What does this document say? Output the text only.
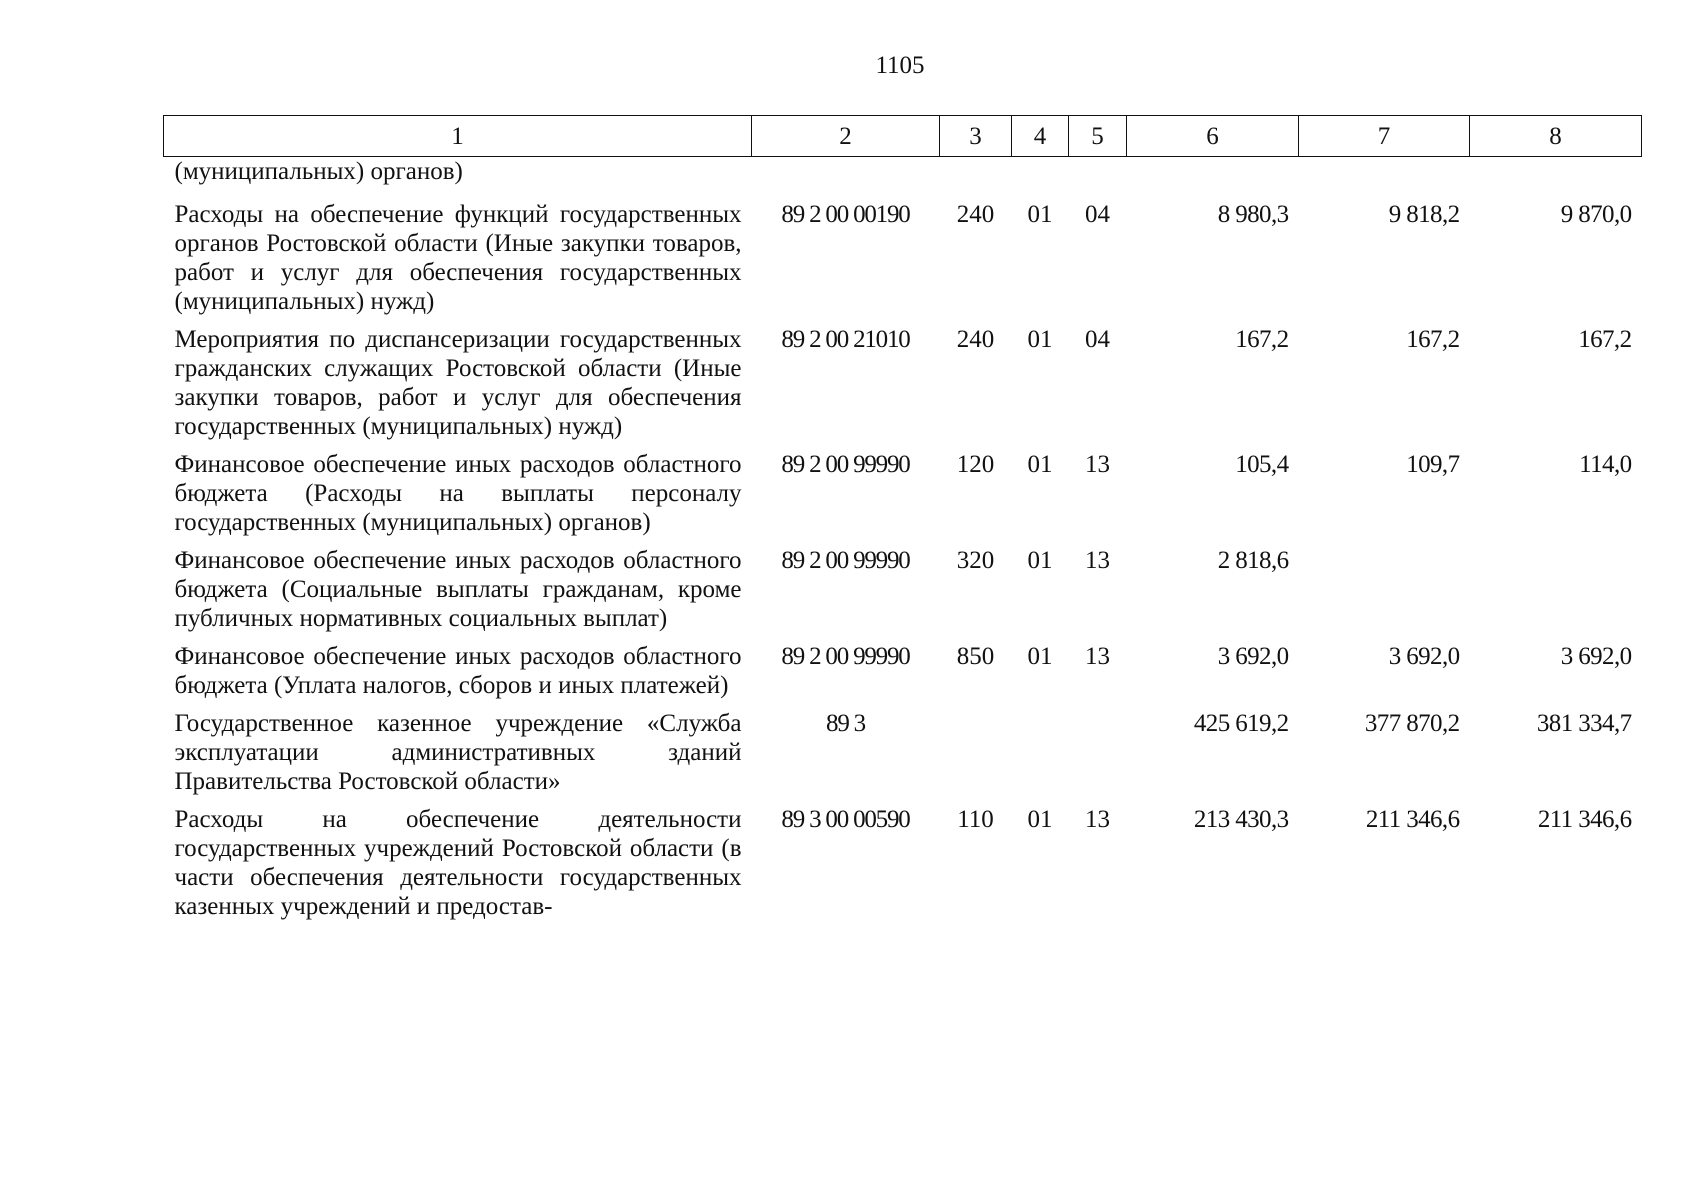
1105
1	2	3	4	5	6	7	8
(муниципальных) органов)							
Расходы на обеспечение функций государственных органов Ростовской области (Иные закупки товаров, работ и услуг для обеспечения государственных (муниципальных) нужд)	89 2 00 00190	240	01	04	8 980,3	9 818,2	9 870,0
Мероприятия по диспансеризации государственных гражданских служащих Ростовской области (Иные закупки товаров, работ и услуг для обеспечения государственных (муниципальных) нужд)	89 2 00 21010	240	01	04	167,2	167,2	167,2
Финансовое обеспечение иных расходов областного бюджета (Расходы на выплаты персоналу государственных (муниципальных) органов)	89 2 00 99990	120	01	13	105,4	109,7	114,0
Финансовое обеспечение иных расходов областного бюджета (Социальные выплаты гражданам, кроме публичных нормативных социальных выплат)	89 2 00 99990	320	01	13	2 818,6		
Финансовое обеспечение иных расходов областного бюджета (Уплата налогов, сборов и иных платежей)	89 2 00 99990	850	01	13	3 692,0	3 692,0	3 692,0
Государственное казенное учреждение «Служба эксплуатации административных зданий Правительства Ростовской области»	89 3				425 619,2	377 870,2	381 334,7
Расходы на обеспечение деятельности государственных учреждений Ростовской области (в части обеспечения деятельности государственных казенных учреждений и предостав-	89 3 00 00590	110	01	13	213 430,3	211 346,6	211 346,6
